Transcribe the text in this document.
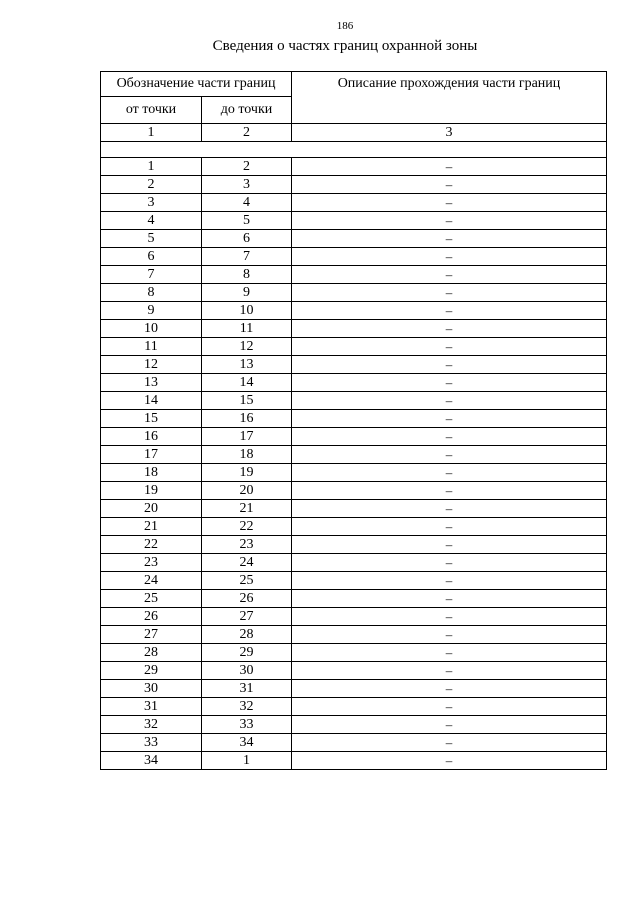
186
Сведения о частях границ охранной зоны
Обозначение части границ		Описание прохождения части границ
от точки	до точки	
1	2	3

1	2	–
2	3	–
3	4	–
4	5	–
5	6	–
6	7	–
7	8	–
8	9	–
9	10	–
10	11	–
11	12	–
12	13	–
13	14	–
14	15	–
15	16	–
16	17	–
17	18	–
18	19	–
19	20	–
20	21	–
21	22	–
22	23	–
23	24	–
24	25	–
25	26	–
26	27	–
27	28	–
28	29	–
29	30	–
30	31	–
31	32	–
32	33	–
33	34	–
34	1	–
